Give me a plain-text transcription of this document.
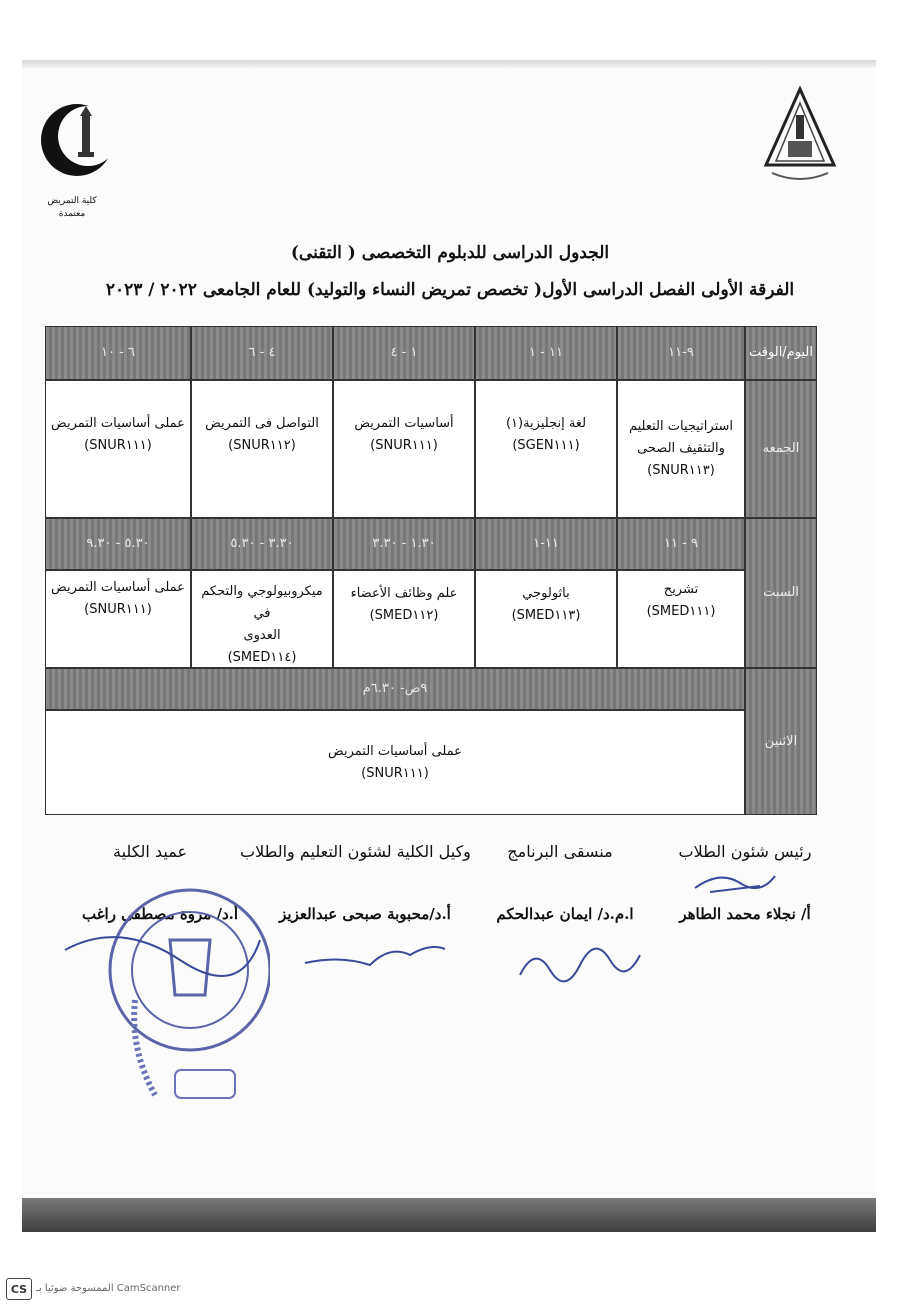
كلية التمريض
معتمدة
الجدول الدراسى للدبلوم التخصصى ( التقنى)
الفرقة الأولى الفصل الدراسى الأول( تخصص تمريض النساء والتوليد) للعام الجامعى ٢٠٢٢ / ٢٠٢٣
اليوم/الوقت
٩-١١
١١ - ١
١ - ٤
٤ - ٦
٦ - ١٠
الجمعه
استراتيجيات التعليم
والتثقيف الصحى
(SNUR١١٣)
لغة إنجليزية(١)
(SGEN١١١)
أساسيات التمريض
(SNUR١١١)
التواصل فى التمريض
(SNUR١١٢)
عملى أساسيات التمريض
(SNUR١١١)
السبت
٩ - ١١
١١-١
١.٣٠ - ٣.٣٠
٣.٣٠ - ٥.٣٠
٥.٣٠ - ٩.٣٠
تشريح
(SMED١١١)
باثولوجي
(SMED١١٣)
علم وظائف الأعضاء
(SMED١١٢)
ميكروبيولوجي والتحكم في
العدوى
(SMED١١٤)
عملى أساسيات التمريض
(SNUR١١١)
الاثنين
٩ص- ٦.٣٠م
عملى أساسيات التمريض
(SNUR١١١)
رئيس شئون الطلاب
منسقى البرنامج
وكيل الكلية لشئون التعليم والطلاب
عميد الكلية
أ/ نجلاء محمد الطاهر
ا.م.د/ ايمان عبدالحكم
أ.د/محبوبة صبحى عبدالعزيز
أ.د/ مروة مصطفى راغب
CS الممسوحة ضوئيا بـ CamScanner
